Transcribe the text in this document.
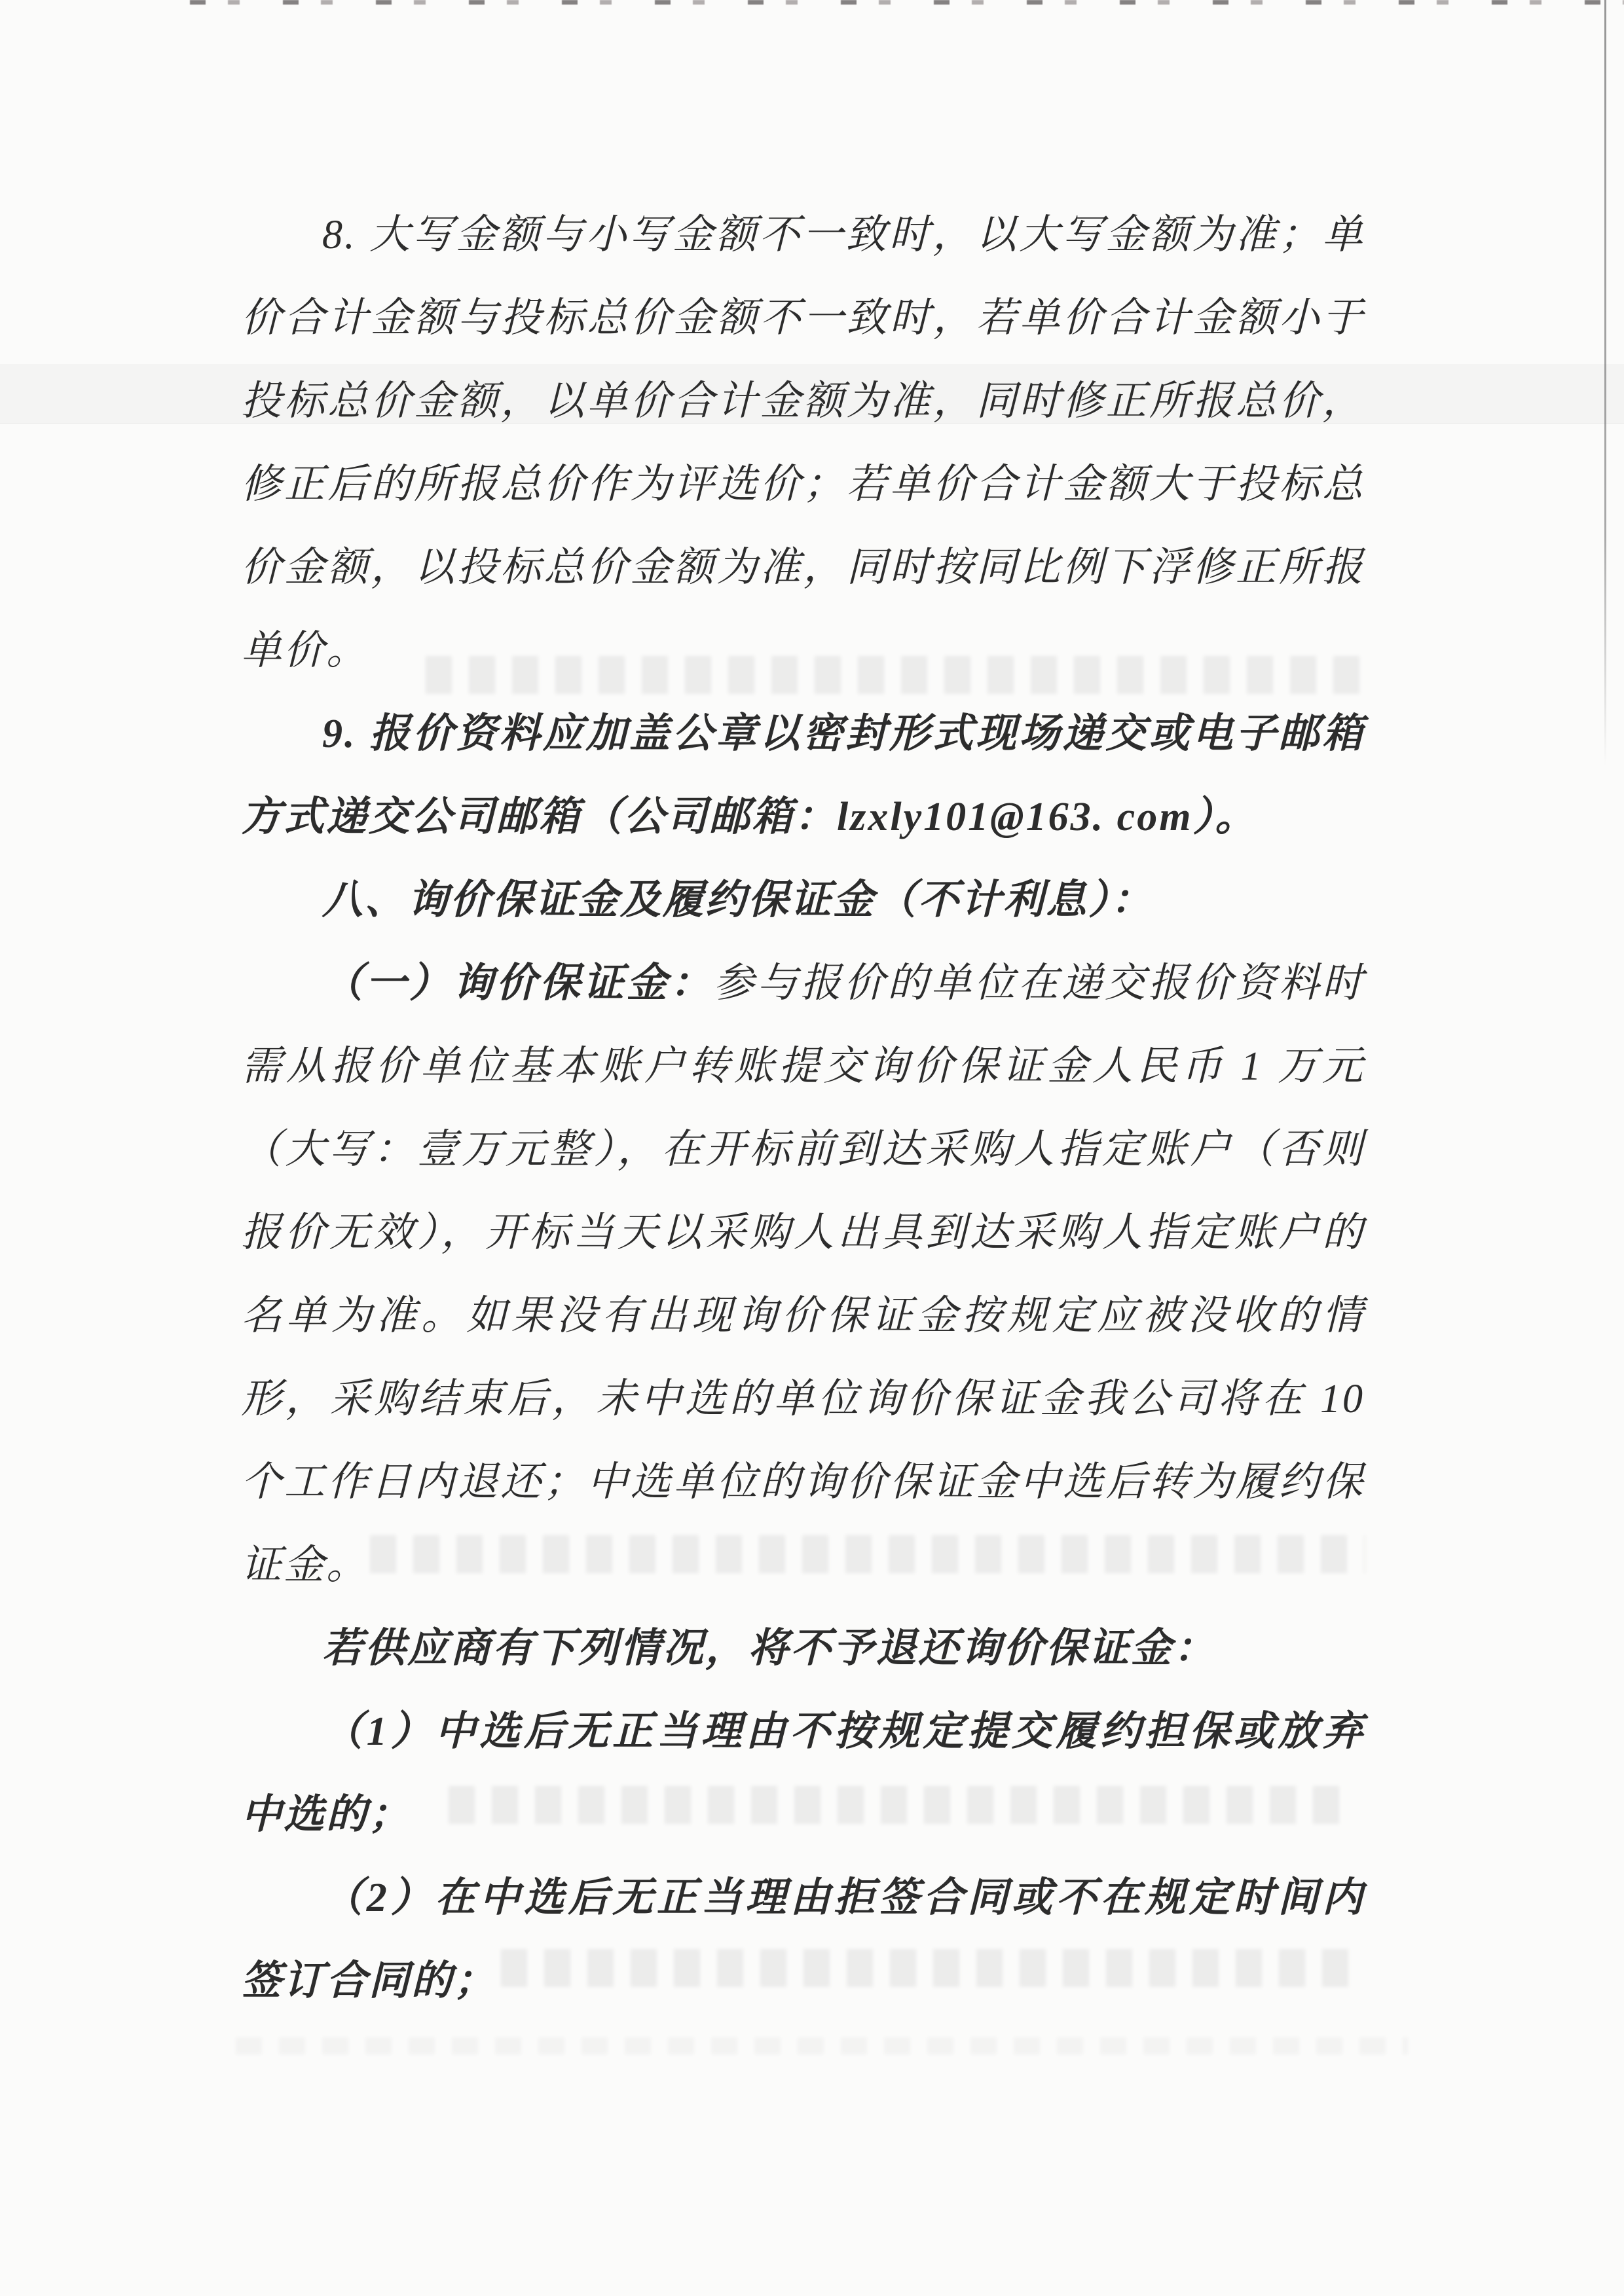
8. 大写金额与小写金额不一致时，以大写金额为准；单价合计金额与投标总价金额不一致时，若单价合计金额小于投标总价金额，以单价合计金额为准，同时修正所报总价，修正后的所报总价作为评选价；若单价合计金额大于投标总价金额，以投标总价金额为准，同时按同比例下浮修正所报单价。

9. 报价资料应加盖公章以密封形式现场递交或电子邮箱方式递交公司邮箱（公司邮箱：lzxly101@163. com）。

八、询价保证金及履约保证金（不计利息）：

（一）询价保证金：参与报价的单位在递交报价资料时需从报价单位基本账户转账提交询价保证金人民币 1 万元（大写：壹万元整），在开标前到达采购人指定账户（否则报价无效），开标当天以采购人出具到达采购人指定账户的名单为准。如果没有出现询价保证金按规定应被没收的情形，采购结束后，未中选的单位询价保证金我公司将在 10 个工作日内退还；中选单位的询价保证金中选后转为履约保证金。

若供应商有下列情况，将不予退还询价保证金：

（1）中选后无正当理由不按规定提交履约担保或放弃中选的；

（2）在中选后无正当理由拒签合同或不在规定时间内签订合同的；
